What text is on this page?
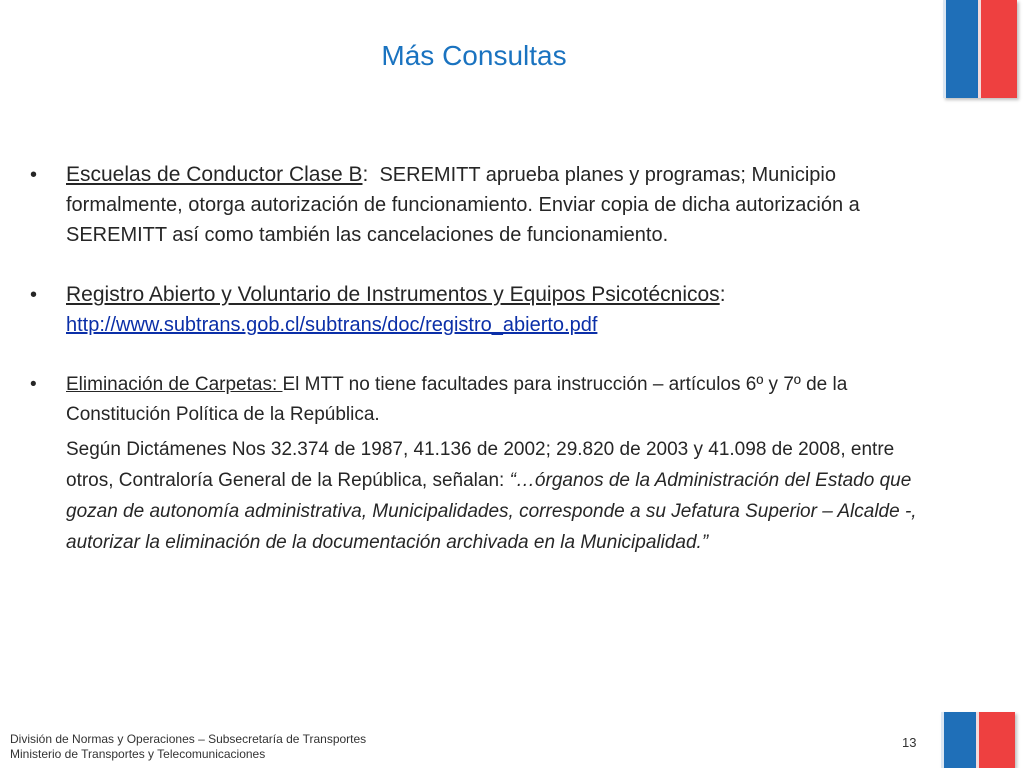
Más Consultas
• Escuelas de Conductor Clase B: SEREMITT aprueba planes y programas; Municipio formalmente, otorga autorización de funcionamiento. Enviar copia de dicha autorización a SEREMITT así como también las cancelaciones de funcionamiento.
• Registro Abierto y Voluntario de Instrumentos y Equipos Psicotécnicos:
http://www.subtrans.gob.cl/subtrans/doc/registro_abierto.pdf
• Eliminación de Carpetas: El MTT no tiene facultades para instrucción – artículos 6º y 7º de la Constitución Política de la República.
Según Dictámenes Nos 32.374 de 1987, 41.136 de 2002; 29.820 de 2003 y 41.098 de 2008, entre otros, Contraloría General de la República, señalan: “…órganos de la Administración del Estado que gozan de autonomía administrativa, Municipalidades, corresponde a su Jefatura Superior – Alcalde -, autorizar la eliminación de la documentación archivada en la Municipalidad.”
División de Normas y Operaciones – Subsecretaría de Transportes
Ministerio de Transportes y Telecomunicaciones
13
